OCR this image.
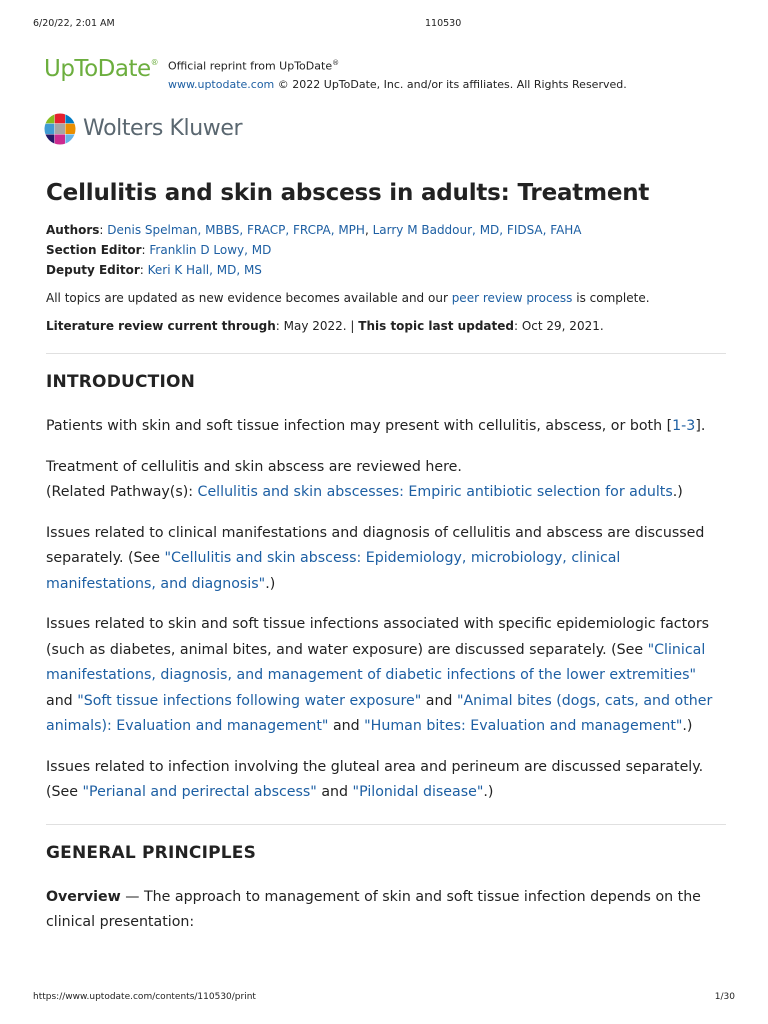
6/20/22, 2:01 AM	110530
UpToDate® Official reprint from UpToDate®
www.uptodate.com © 2022 UpToDate, Inc. and/or its affiliates. All Rights Reserved.
Wolters Kluwer
Cellulitis and skin abscess in adults: Treatment
Authors: Denis Spelman, MBBS, FRACP, FRCPA, MPH, Larry M Baddour, MD, FIDSA, FAHA
Section Editor: Franklin D Lowy, MD
Deputy Editor: Keri K Hall, MD, MS
All topics are updated as new evidence becomes available and our peer review process is complete.
Literature review current through: May 2022. | This topic last updated: Oct 29, 2021.
INTRODUCTION

Patients with skin and soft tissue infection may present with cellulitis, abscess, or both [1-3].

Treatment of cellulitis and skin abscess are reviewed here.
(Related Pathway(s): Cellulitis and skin abscesses: Empiric antibiotic selection for adults.)

Issues related to clinical manifestations and diagnosis of cellulitis and abscess are discussed separately. (See "Cellulitis and skin abscess: Epidemiology, microbiology, clinical manifestations, and diagnosis".)

Issues related to skin and soft tissue infections associated with specific epidemiologic factors (such as diabetes, animal bites, and water exposure) are discussed separately. (See "Clinical manifestations, diagnosis, and management of diabetic infections of the lower extremities" and "Soft tissue infections following water exposure" and "Animal bites (dogs, cats, and other animals): Evaluation and management" and "Human bites: Evaluation and management".)

Issues related to infection involving the gluteal area and perineum are discussed separately.
(See "Perianal and perirectal abscess" and "Pilonidal disease".)

GENERAL PRINCIPLES

Overview — The approach to management of skin and soft tissue infection depends on the clinical presentation:

https://www.uptodate.com/contents/110530/print	1/30
